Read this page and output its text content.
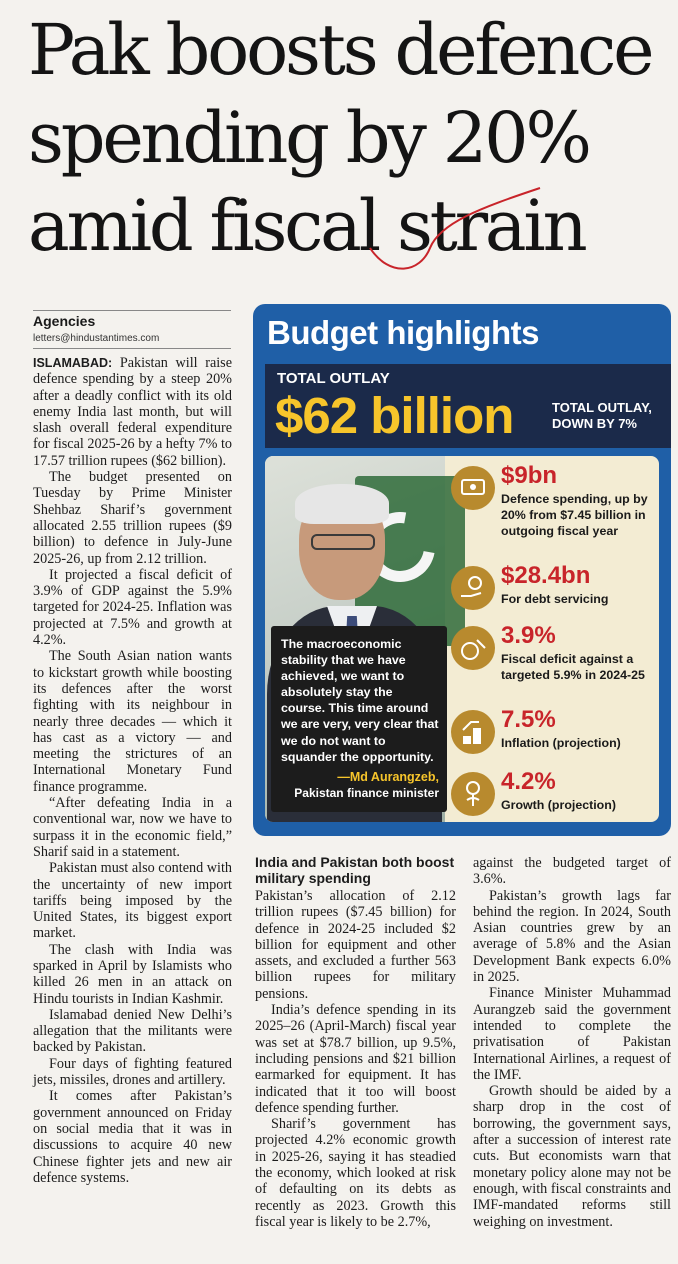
Pak boosts defence
spending by 20%
amid fiscal strain
Agencies
letters@hindustantimes.com

ISLAMABAD: Pakistan will raise defence spending by a steep 20% after a deadly conflict with its old enemy India last month, but will slash overall federal expenditure for fiscal 2025-26 by a hefty 7% to 17.57 trillion rupees ($62 billion).

The budget presented on Tuesday by Prime Minister Shehbaz Sharif’s government allocated 2.55 trillion rupees ($9 billion) to defence in July-June 2025-26, up from 2.12 trillion.

It projected a fiscal deficit of 3.9% of GDP against the 5.9% targeted for 2024-25. Inflation was projected at 7.5% and growth at 4.2%.

The South Asian nation wants to kickstart growth while boosting its defences after the worst fighting with its neighbour in nearly three decades — which it has cast as a victory — and meeting the strictures of an International Monetary Fund finance programme.

“After defeating India in a conventional war, now we have to surpass it in the economic field,” Sharif said in a statement.

Pakistan must also contend with the uncertainty of new import tariffs being imposed by the United States, its biggest export market.

The clash with India was sparked in April by Islamists who killed 26 men in an attack on Hindu tourists in Indian Kashmir.

Islamabad denied New Delhi’s allegation that the militants were backed by Pakistan.

Four days of fighting featured jets, missiles, drones and artillery.

It comes after Pakistan’s government announced on Friday on social media that it was in discussions to acquire 40 new Chinese fighter jets and new air defence systems.

Budget highlights
TOTAL OUTLAY
$62 billion	TOTAL OUTLAY, DOWN BY 7%
The macroeconomic stability that we have achieved, we want to absolutely stay the course. This time around we are very, very clear that we do not want to squander the opportunity.
—Md Aurangzeb,
Pakistan finance minister
$9bn
Defence spending, up by 20% from $7.45 billion in outgoing fiscal year
$28.4bn
For debt servicing
3.9%
Fiscal deficit against a targeted 5.9% in 2024-25
7.5%
Inflation (projection)
4.2%
Growth (projection)

India and Pakistan both boost military spending

Pakistan’s allocation of 2.12 trillion rupees ($7.45 billion) for defence in 2024-25 included $2 billion for equipment and other assets, and excluded a further 563 billion rupees for military pensions.

India’s defence spending in its 2025–26 (April-March) fiscal year was set at $78.7 billion, up 9.5%, including pensions and $21 billion earmarked for equipment. It has indicated that it too will boost defence spending further.

Sharif’s government has projected 4.2% economic growth in 2025-26, saying it has steadied the economy, which looked at risk of defaulting on its debts as recently as 2023. Growth this fiscal year is likely to be 2.7%,

against the budgeted target of 3.6%.

Pakistan’s growth lags far behind the region. In 2024, South Asian countries grew by an average of 5.8% and the Asian Development Bank expects 6.0% in 2025.

Finance Minister Muhammad Aurangzeb said the government intended to complete the privatisation of Pakistan International Airlines, a request of the IMF.

Growth should be aided by a sharp drop in the cost of borrowing, the government says, after a succession of interest rate cuts. But economists warn that monetary policy alone may not be enough, with fiscal constraints and IMF-mandated reforms still weighing on investment.
